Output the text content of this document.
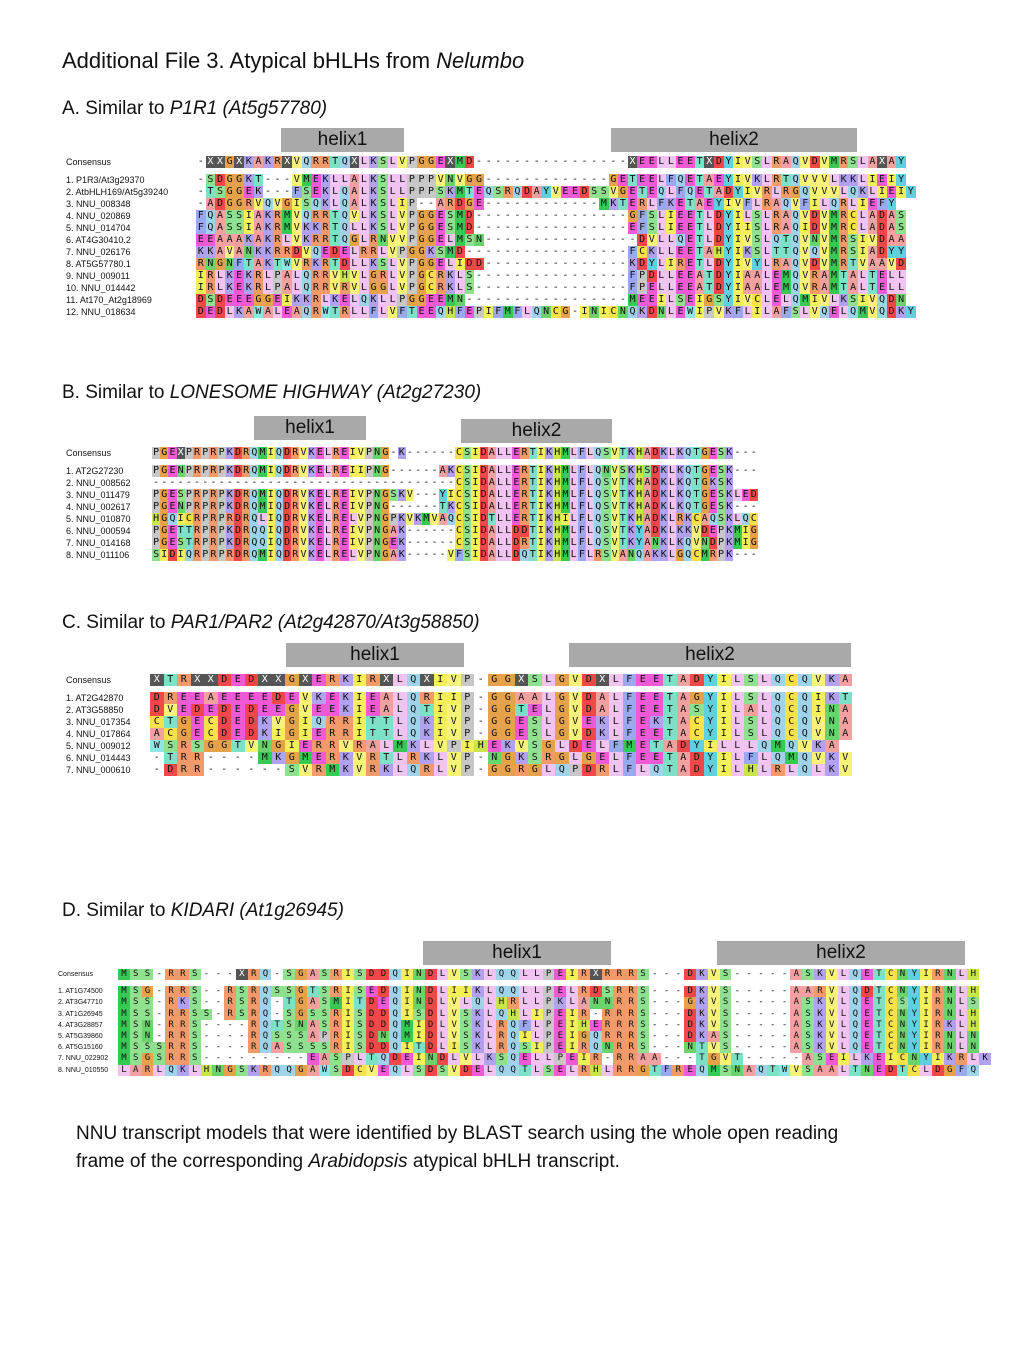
Additional File 3. Atypical bHLHs from Nelumbo
A. Similar to P1R1 (At5g57780)
helix1	helix2
Consensus	- X X G X K A K R X V Q R R T Q X L K S L V P G G E X M D - - - - - - - - - - - - - - - - X E E L L E E T X D Y I V S L R A Q V D V M R S L A X A Y
1. P1R3/At3g29370	- S D G G K T - - - V M E K L L A L K S L L P P P V N V G G - - - - - - - - - - - - - G E T E E L F Q E T A E Y I V K L R T Q V V V L K K L I E I Y
2. AtbHLH169/At5g39240	- T S G G E K - - - F S E K L Q A L K S L L P P P S K M T E Q S R Q D A Y V E E D S S V G E T E Q L F Q E T A D Y I V R L R G Q V V V L Q K L I E I Y
3. NNU_008348	- A D G G R V Q V G I S Q K L Q A L K S L I P - - A R D G E - - - - - - - - - - - - M K T E R L F K E T A E Y I V F L R A Q V F I L Q R L I E F Y
4. NNU_020869	F Q A S S I A K R M V Q R R T Q V L K S L V P G G E S M D - - - - - - - - - - - - - - - - G F S L I E E T L D Y I L S L R A Q V D V M R C L A D A S
5. NNU_014704	F Q A S S I A K R M V K K R T Q L L K S L V P G G E S M D - - - - - - - - - - - - - - - - E F S L I E E T L D Y I I S L R A Q I D V M R C L A D A S
6. AT4G30410.2	E E A A A K A K R L V K R R T Q G L R N V V P G G E L M S N - - - - - - - - - - - - - - - - D V L L Q E T L D Y I V S L Q T Q V N V M R S I V D A A
7. NNU_026176	K K A V A N K K R R D V Q E D E L R R L V P G G K S M D - - - - - - - - - - - - - - - - - F C K L L E E T A H Y I K S L T T Q V Q V M R S I A D Y Y
8. AT5G57780.1	R N G N F T A K T W V R K R T D L L K S L V P G G E L I D D - - - - - - - - - - - - - - - K D Y L I R E T L D Y I V Y L R A Q V D V M R T V A A V D
9. NNU_009011	I R L K E K R L P A L Q R R V H V L G R L V P G C R K L S - - - - - - - - - - - - - - - - F P D L L E E A T D Y I A A L E M Q V R A M T A L T E L L
10. NNU_014442	I R L K E K R L P A L Q R R V R V L G G L V P G C R K L S - - - - - - - - - - - - - - - - F P E L L E E A T D Y I A A L E M Q V R A M T A L T E L L
11. At170_At2g18969	D S D E E E G G E I K K R L K E L Q K L L P G G E E M N - - - - - - - - - - - - - - - - - M E E I L S E I G S Y I V C L E L Q M I V L K S I V Q D N
12. NNU_018634	D E D L K A W A L E A Q R W T R L L F L V F T E E Q H F E P I F M F L Q N C G - I N I C N Q K D N L E W I P V K F L I L A F S L V Q E L Q M V Q D K Y
B. Similar to LONESOME HIGHWAY (At2g27230)
helix1	helix2
Consensus	P G E X P R P R P K D R Q M I Q D R V K E L R E I V P N G - K - - - - - - C S I D A L L E R T I K H M L F L Q S V T K H A D K L K Q T G E S K - - -
1. AT2G27230	P G E N P R P R P K D R Q M I Q D R V K E L R E I I P N G - - - - - - A K C S I D A L L E R T I K H M L F L Q N V S K H S D K L K Q T G E S K - - -
2. NNU_008562	- - - - - - - - - - - - - - - - - - - - - - - - - - - - - - - - - - - - - C S I D A L L E R T I K H M L F L Q S V T K H A D K L K Q T G K S K
3. NNU_011479	P G E S P R P R P K D R Q M I Q D R V K E L R E I V P N G S K V - - - Y I C S I D A L L E R T I K H M L F L Q S V T K H A D K L K Q T G E S K L E D
4. NNU_002617	P G E N P R P R P K D R Q M I Q D R V K E L R E I V P N G - - - - - - T K C S I D A L L E R T I K H M L F L Q S V T K H A D K L K Q T G E S K - - -
5. NNU_010870	H G Q I C R P R P R D R Q L I Q D R V K E L R E L V P N G P K V K M V A Q C S I D T L L E R T I K H I L F L Q S V T K H A D K L R K C A Q S K L Q C
6. NNU_000594	P G E T T R P R P K D R Q Q I Q D R V K E L R E I V P N G A K - - - - - - C S I D A L L D D T I K H M L F L Q S V T K Y A D K L K K V D E P K M I G
7. NNU_014168	P G E S T R P R P K D R Q Q I Q D R V K E L R E I V P N G E K - - - - - - C S I D A L L D R T I K H M L F L Q S V T K Y A N K L K Q V N D P K M I G
8. NNU_011106	S I D I Q R P R P R D R Q M I Q D R V K E L R E L V P N G A K - - - - - V F S I D A L L D Q T I K H M L F L R S V A N Q A K K L G Q C M R P K - - -
C. Similar to PAR1/PAR2 (At2g42870/At3g58850)
helix1	helix2
Consensus	X T R X X D E D X X G X E R K I R X L Q X I V P - G G X S L G V D X L F E E T A D Y I L S L Q C Q V K A
1. AT2G42870	D R E E A E E E E D E V K E K I E A L Q R I I P - G G A A L G V D A L F E E T A G Y I L S L Q C Q I K T
2. AT3G58850	D V E D E D E D E E G V E E K I E A L Q T I V P - G G T E L G V D A L F E E T A S Y I L A L Q C Q I N A
3. NNU_017354	C T G E C D E D K V G I Q R R I T T L Q K I V P - G G E S L G V E K L F E K T A C Y I L S L Q C Q V N A
4. NNU_017864	A C G E C D E D K I G I E R R I T T L Q K I V P - G G E S L G V D K L F E E T A C Y I L S L Q C Q V N A
5. NNU_009012	W S R S G G T V N G I E R R V R A L M K L V P I H E K V S G L D E L F M E T A D Y I L L L Q M Q V K A
6. NNU_014443	- T R R - - - - M K G M E R K V R T L R K L V P - N G K S R G L G E L F E E T A D Y I L F L Q M Q V K V
7. NNU_000610	- D R R - - - - - - S V R M K V R K L Q R L V P - G G R G L Q P D R L F L Q T A D Y I L H L R L Q L K V
D. Similar to KIDARI (At1g26945)
helix1	helix2
Consensus	M S S - R R S - - - X R Q - S G A S R I S D D Q I N D L V S K L Q Q L L P E I R X R R R S - - - D K V S - - - - - A S K V L Q E T C N Y I R N L H
1. AT1G74500	M S G - R R S - - R S R Q S S G T S R I S E D Q I N D L I I K L Q Q L L P E L R D S R R S - - - D K V S - - - - - A A R V L Q D T C N Y I R N L H
2. AT3G47710	M S S - R K S - - R S R Q - T G A S M I T D E Q I N D L V L Q L H R L L P K L A N N R R S - - - G K V S - - - - - A S K V L Q E T C S Y I R N L S
3. AT1G26945	M S S - R R S S - R S R Q - S G S S R I S D D Q I S D L V S K L Q H L I P E I R - R R R S - - - D K V S - - - - - A S K V L Q E T C N Y I R N L H
4. AT3G28857	M S N - R R S - - - - R Q T S N A S R I S D D Q M I D L V S K L R Q F L P E I H E R R R S - - - D K V S - - - - - A S K V L Q E T C N Y I R K L H
5. AT5G39860	M S N - R R S - - - - R Q S S S A P R I S D N Q M I D L V S K L R Q I L P E I G Q R R R S - - - D K A S - - - - - A S K V L Q E T C N Y I R N L N
6. AT5G15160	M S S S R R S - - - - R Q A S S S S R I S D D Q I T D L I S K L R Q S I P E I R Q N R R S - - - N T V S - - - - - A S K V L Q E T C N Y I R N L N
7. NNU_022902	M S G S R R S - - - - - - - - - E A S P L T Q D E I N D L V L K S Q E L L P E I R - R R A A - - - T G V T - - - - - A S E I L K E I C N Y I K R L K
8. NNU_010550	L A R L Q K L H N G S K R Q Q G A W S D C V E Q L S D S V D E L Q Q T L S E L R H L R R G T F R E Q M S N A Q T W V S A A L T N E D T C L D G F Q
NNU transcript models that were identified by BLAST search using the whole open reading
frame of the corresponding Arabidopsis atypical bHLH transcript.
